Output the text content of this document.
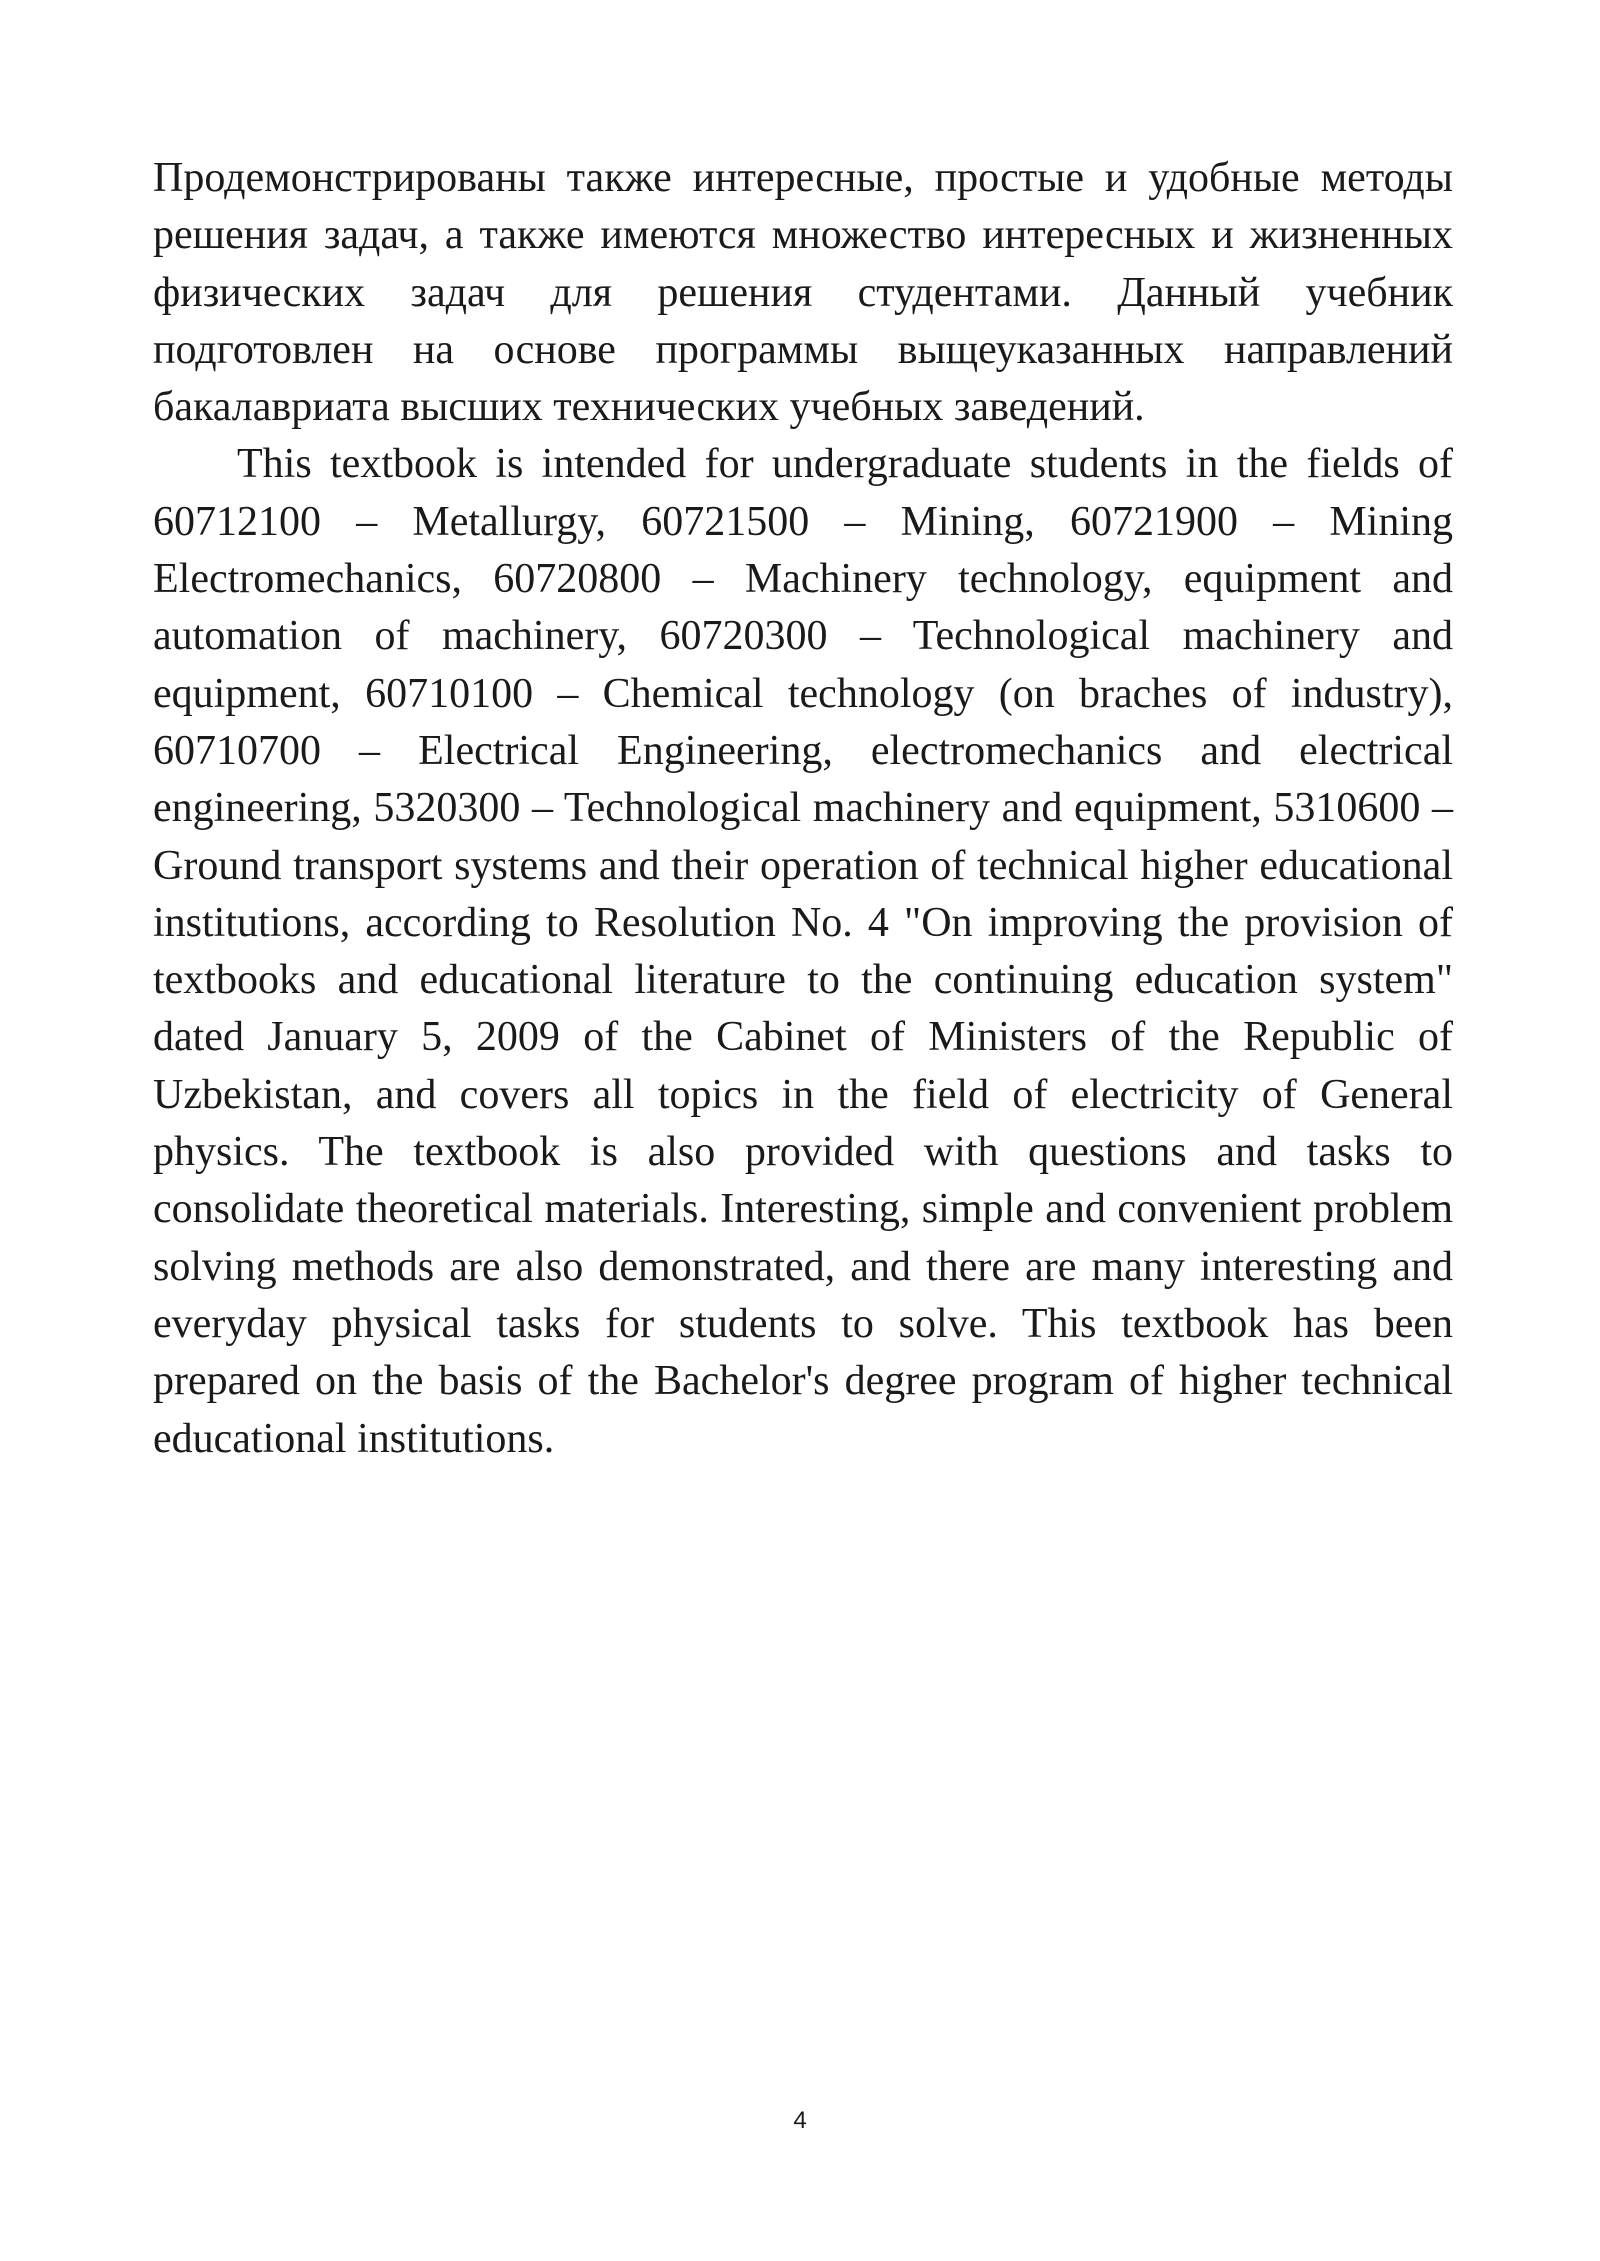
Продемонстрированы также интересные, простые и удобные методы решения задач, а также имеются множество интересных и жизненных физических задач для решения студентами. Данный учебник подготовлен на основе программы выщеуказанных направлений бакалавриата высших технических учебных заведений.

This textbook is intended for undergraduate students in the fields of 60712100 – Metallurgy, 60721500 – Mining, 60721900 – Mining Electromechanics, 60720800 – Machinery technology, equipment and automation of machinery, 60720300 – Technological machinery and equipment, 60710100 – Chemical technology (on braches of industry), 60710700 – Electrical Engineering, electromechanics and electrical engineering, 5320300 – Technological machinery and equipment, 5310600 – Ground transport systems and their operation of technical higher educational institutions, according to Resolution No. 4 "On improving the provision of textbooks and educational literature to the continuing education system" dated January 5, 2009 of the Cabinet of Ministers of the Republic of Uzbekistan, and covers all topics in the field of electricity of General physics. The textbook is also provided with questions and tasks to consolidate theoretical materials. Interesting, simple and convenient problem solving methods are also demonstrated, and there are many interesting and everyday physical tasks for students to solve. This textbook has been prepared on the basis of the Bachelor's degree program of higher technical educational institutions.

4
